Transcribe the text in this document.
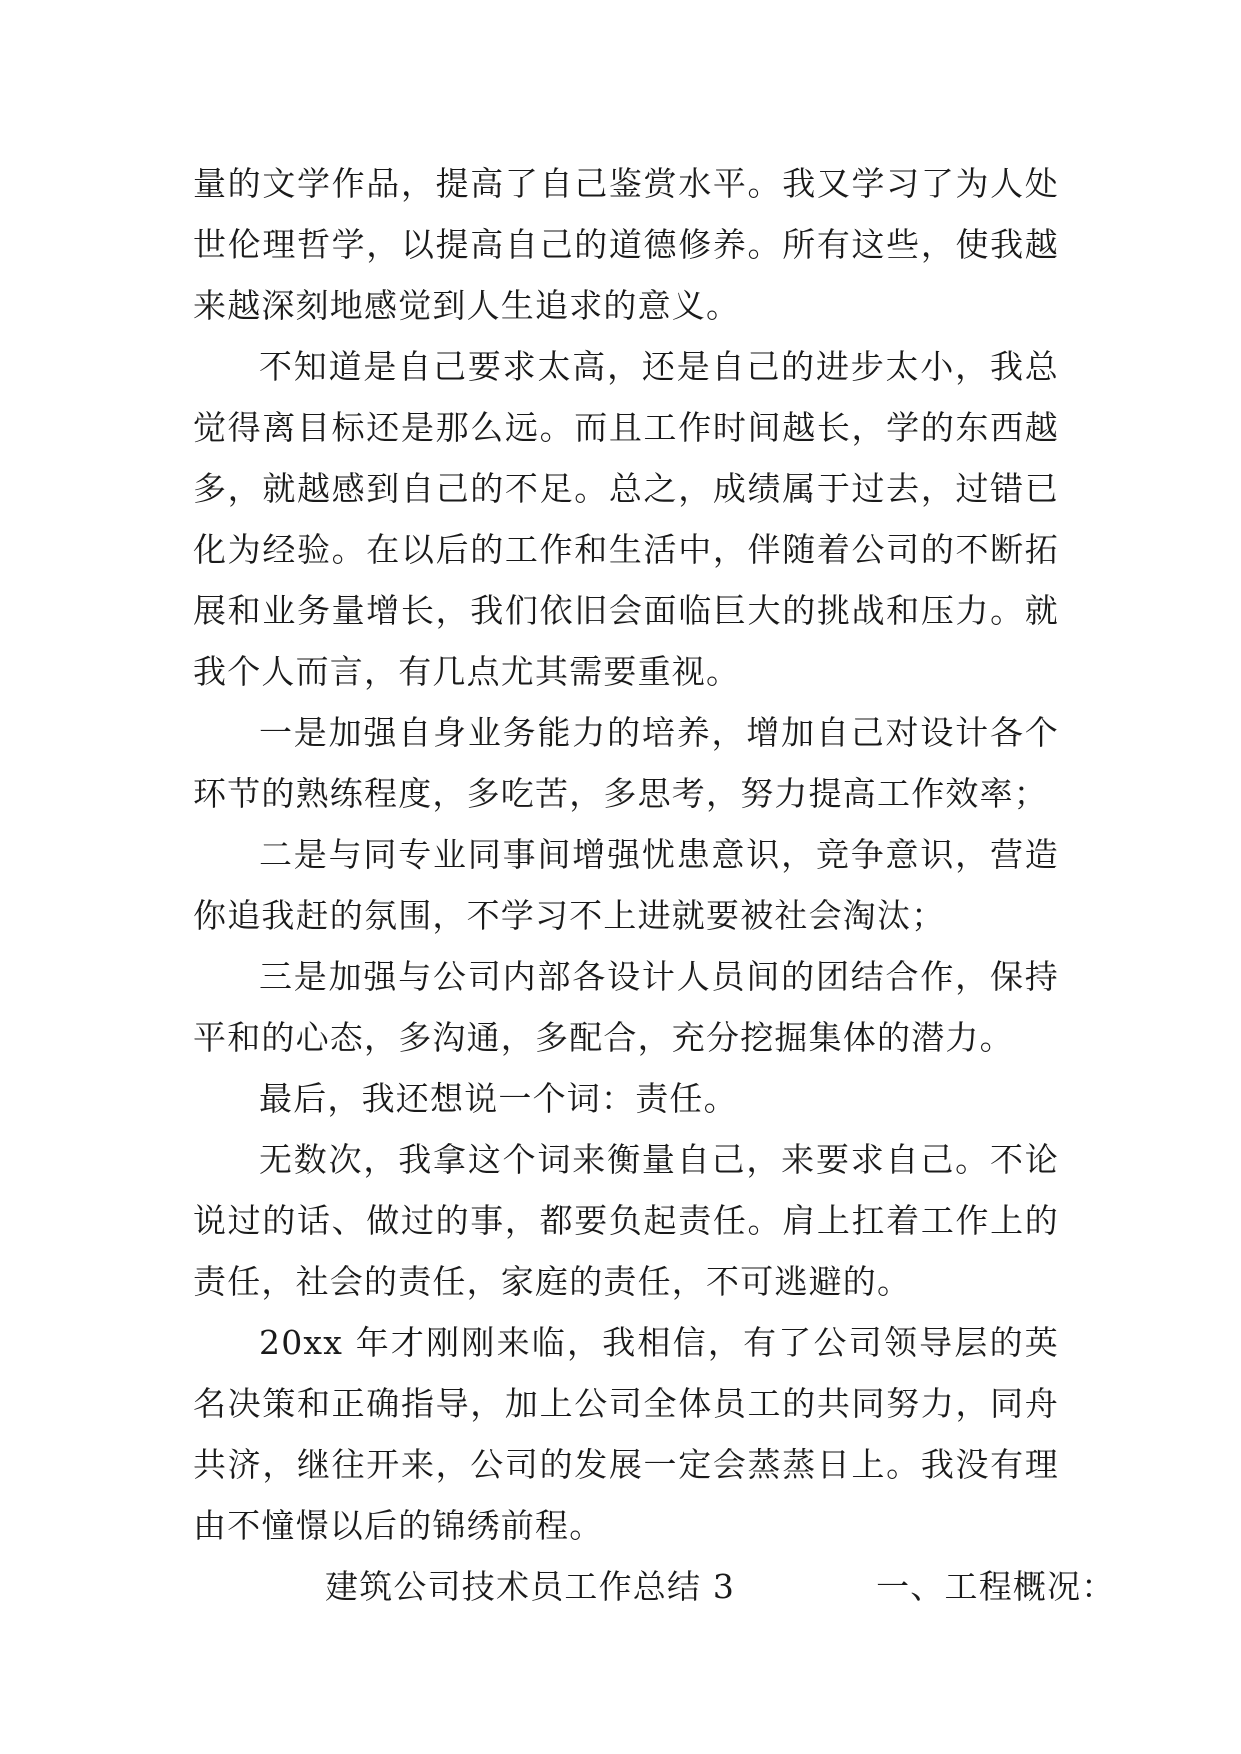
量的文学作品，提高了自己鉴赏水平。我又学习了为人处世伦理哲学，以提高自己的道德修养。所有这些，使我越来越深刻地感觉到人生追求的意义。

不知道是自己要求太高，还是自己的进步太小，我总觉得离目标还是那么远。而且工作时间越长，学的东西越多，就越感到自己的不足。总之，成绩属于过去，过错已化为经验。在以后的工作和生活中，伴随着公司的不断拓展和业务量增长，我们依旧会面临巨大的挑战和压力。就我个人而言，有几点尤其需要重视。

一是加强自身业务能力的培养，增加自己对设计各个环节的熟练程度，多吃苦，多思考，努力提高工作效率；

二是与同专业同事间增强忧患意识，竞争意识，营造你追我赶的氛围，不学习不上进就要被社会淘汰；

三是加强与公司内部各设计人员间的团结合作，保持平和的心态，多沟通，多配合，充分挖掘集体的潜力。

最后，我还想说一个词：责任。

无数次，我拿这个词来衡量自己，来要求自己。不论说过的话、做过的事，都要负起责任。肩上扛着工作上的责任，社会的责任，家庭的责任，不可逃避的。

20xx 年才刚刚来临，我相信，有了公司领导层的英名决策和正确指导，加上公司全体员工的共同努力，同舟共济，继往开来，公司的发展一定会蒸蒸日上。我没有理由不憧憬以后的锦绣前程。

建筑公司技术员工作总结 3	一、工程概况：
